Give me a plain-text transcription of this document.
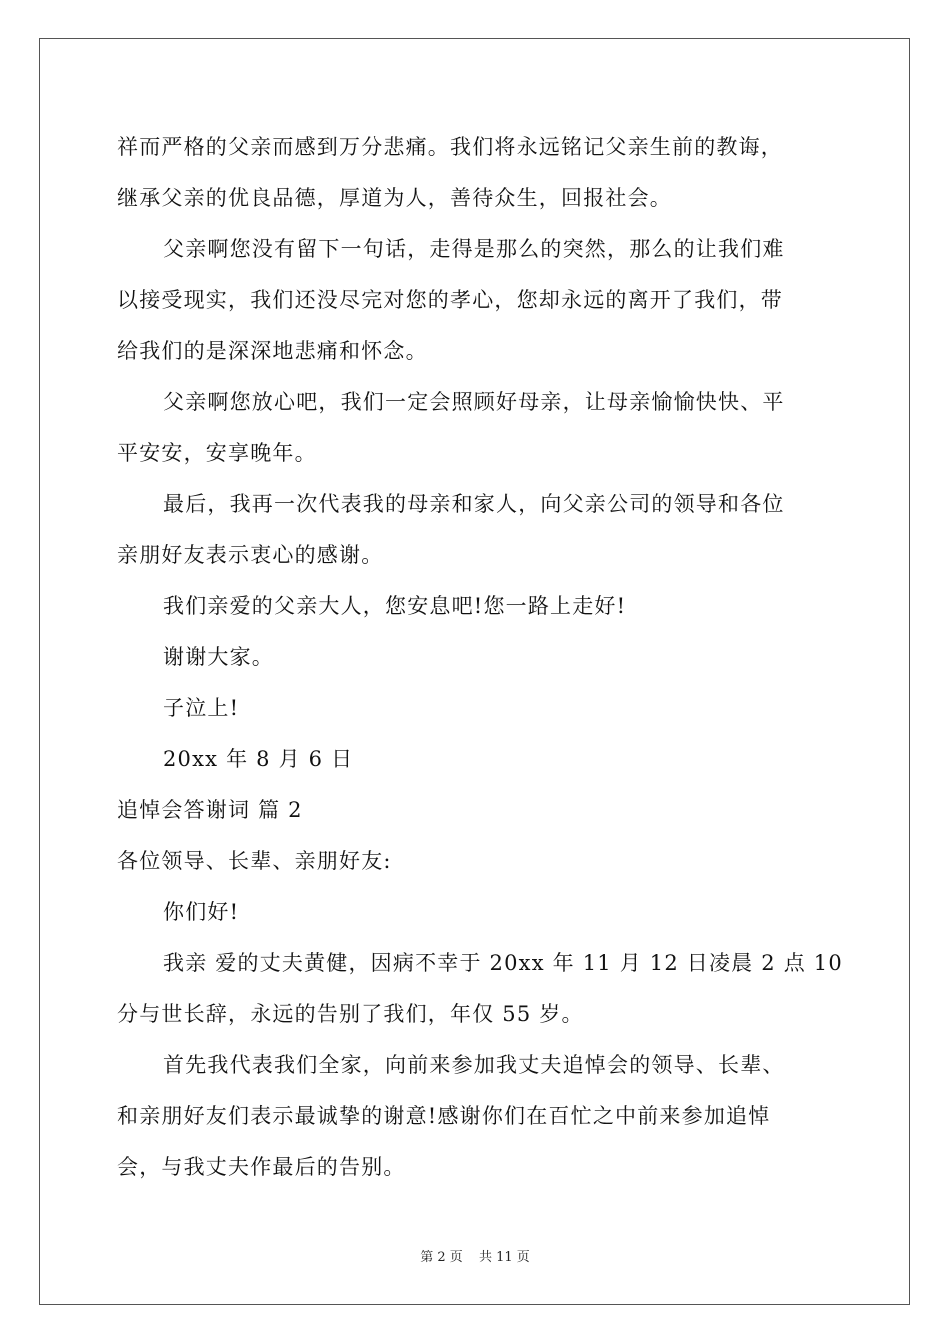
祥而严格的父亲而感到万分悲痛。我们将永远铭记父亲生前的教诲，
继承父亲的优良品德，厚道为人，善待众生，回报社会。
父亲啊您没有留下一句话，走得是那么的突然，那么的让我们难
以接受现实，我们还没尽完对您的孝心，您却永远的离开了我们，带
给我们的是深深地悲痛和怀念。
父亲啊您放心吧，我们一定会照顾好母亲，让母亲愉愉快快、平
平安安，安享晚年。
最后，我再一次代表我的母亲和家人，向父亲公司的领导和各位
亲朋好友表示衷心的感谢。
我们亲爱的父亲大人，您安息吧!您一路上走好!
谢谢大家。
子泣上!
20xx 年 8 月 6 日
追悼会答谢词 篇 2
各位领导、长辈、亲朋好友:
你们好!
我亲 爱的丈夫黄健，因病不幸于 20xx 年 11 月 12 日凌晨 2 点 10
分与世长辞，永远的告别了我们，年仅 55 岁。
首先我代表我们全家，向前来参加我丈夫追悼会的领导、长辈、
和亲朋好友们表示最诚挚的谢意!感谢你们在百忙之中前来参加追悼
会，与我丈夫作最后的告别。
第 2 页 共 11 页
